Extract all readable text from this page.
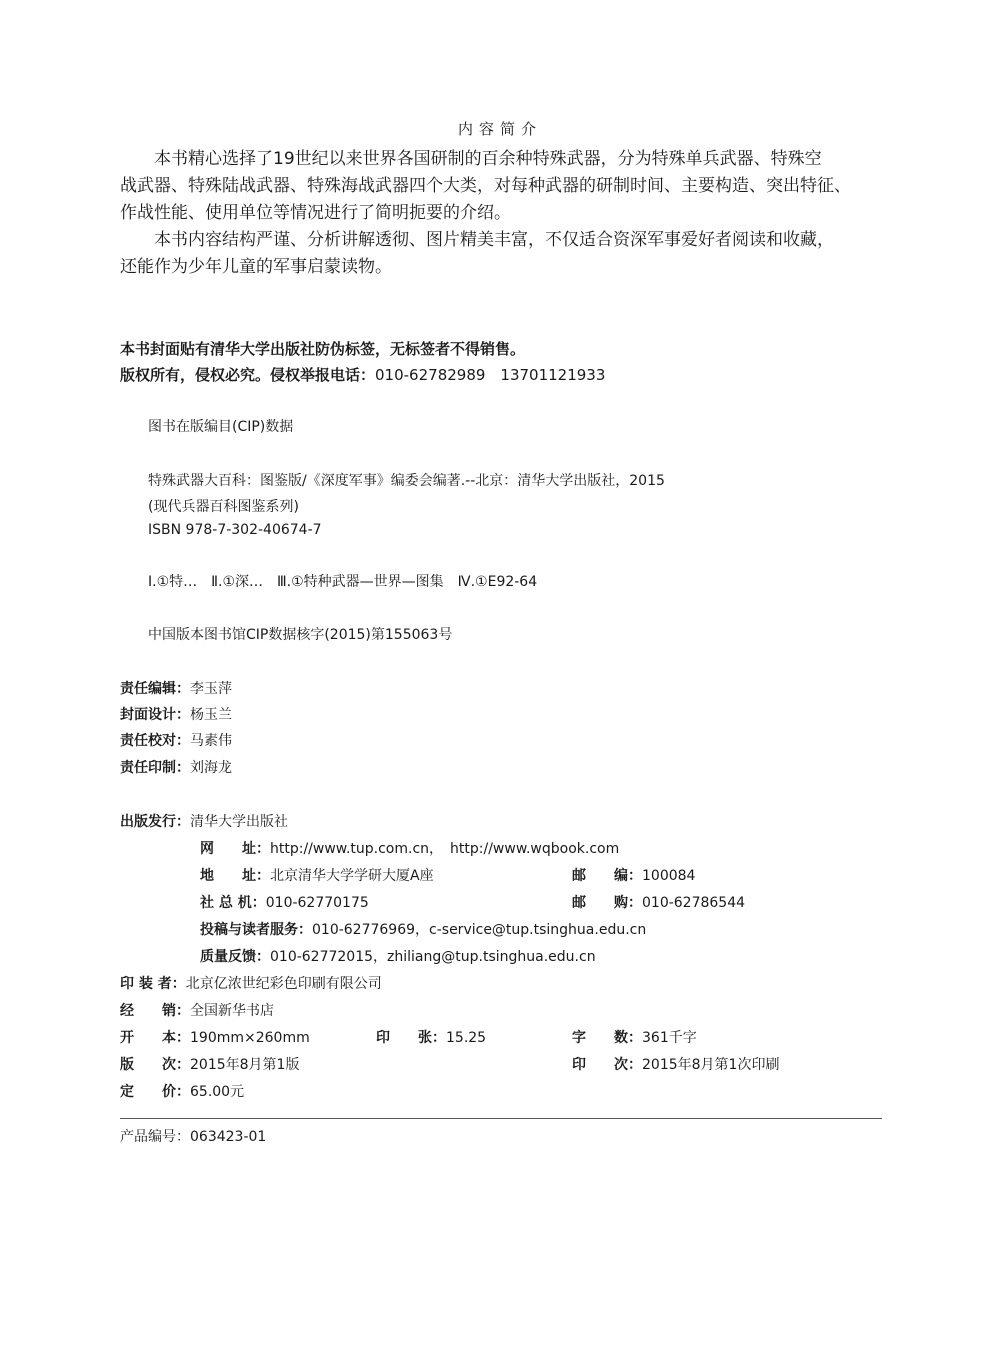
内容简介
本书精心选择了19世纪以来世界各国研制的百余种特殊武器，分为特殊单兵武器、特殊空
战武器、特殊陆战武器、特殊海战武器四个大类，对每种武器的研制时间、主要构造、突出特征、
作战性能、使用单位等情况进行了简明扼要的介绍。
本书内容结构严谨、分析讲解透彻、图片精美丰富，不仅适合资深军事爱好者阅读和收藏，
还能作为少年儿童的军事启蒙读物。
本书封面贴有清华大学出版社防伪标签，无标签者不得销售。
版权所有，侵权必究。侵权举报电话：010-62782989　13701121933
图书在版编目(CIP)数据
特殊武器大百科：图鉴版/《深度军事》编委会编著.--北京：清华大学出版社，2015
(现代兵器百科图鉴系列)
ISBN 978-7-302-40674-7
Ⅰ.①特…　Ⅱ.①深…　Ⅲ.①特种武器—世界—图集　Ⅳ.①E92-64
中国版本图书馆CIP数据核字(2015)第155063号
责任编辑：李玉萍
封面设计：杨玉兰
责任校对：马素伟
责任印制：刘海龙
出版发行：清华大学出版社
网　　址：http://www.tup.com.cn，　http://www.wqbook.com
地　　址：北京清华大学学研大厦A座	邮　　编：100084
社 总 机：010-62770175	邮　　购：010-62786544
投稿与读者服务：010-62776969，c-service@tup.tsinghua.edu.cn
质量反馈：010-62772015，zhiliang@tup.tsinghua.edu.cn
印 装 者：北京亿浓世纪彩色印刷有限公司
经　　销：全国新华书店
开　　本：190mm×260mm	印　　张：15.25	字　　数：361千字
版　　次：2015年8月第1版	印　　次：2015年8月第1次印刷
定　　价：65.00元
产品编号：063423-01
